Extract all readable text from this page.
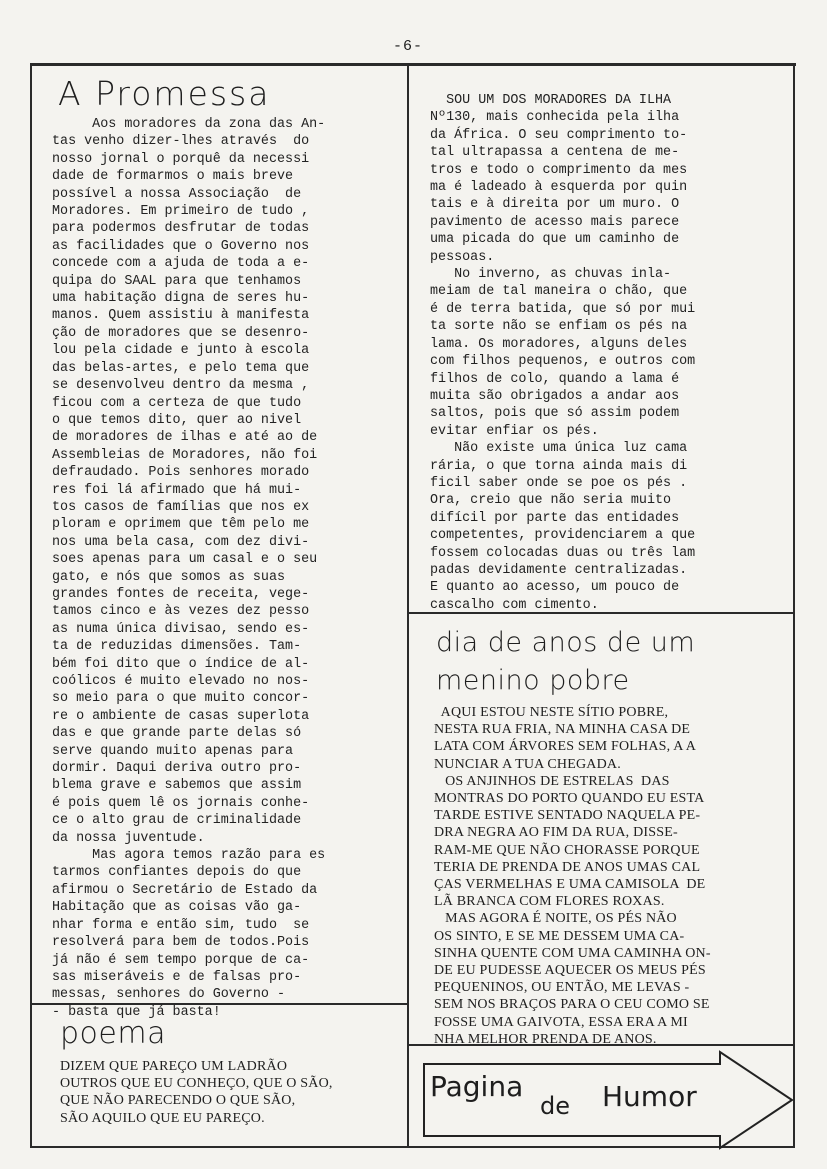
-6-
A Promessa
Aos moradores da zona das An-
tas venho dizer-lhes através  do
nosso jornal o porquê da necessi
dade de formarmos o mais breve
possível a nossa Associação  de
Moradores. Em primeiro de tudo ,
para podermos desfrutar de todas
as facilidades que o Governo nos
concede com a ajuda de toda a e-
quipa do SAAL para que tenhamos
uma habitação digna de seres hu-
manos. Quem assistiu à manifesta
ção de moradores que se desenro-
lou pela cidade e junto à escola
das belas-artes, e pelo tema que
se desenvolveu dentro da mesma ,
ficou com a certeza de que tudo
o que temos dito, quer ao nivel
de moradores de ilhas e até ao de
Assembleias de Moradores, não foi
defraudado. Pois senhores morado
res foi lá afirmado que há mui-
tos casos de famílias que nos ex
ploram e oprimem que têm pelo me
nos uma bela casa, com dez divi-
soes apenas para um casal e o seu
gato, e nós que somos as suas
grandes fontes de receita, vege-
tamos cinco e às vezes dez pesso
as numa única divisao, sendo es-
ta de reduzidas dimensões. Tam-
bém foi dito que o índice de al-
coólicos é muito elevado no nos-
so meio para o que muito concor-
re o ambiente de casas superlota
das e que grande parte delas só
serve quando muito apenas para
dormir. Daqui deriva outro pro-
blema grave e sabemos que assim
é pois quem lê os jornais conhe-
ce o alto grau de criminalidade
da nossa juventude.
Mas agora temos razão para es
tarmos confiantes depois do que
afirmou o Secretário de Estado da
Habitação que as coisas vão ga-
nhar forma e então sim, tudo  se
resolverá para bem de todos.Pois
já não é sem tempo porque de ca-
sas miseráveis e de falsas pro-
messas, senhores do Governo -
- basta que já basta!
SOU UM DOS MORADORES DA ILHA
Nº130, mais conhecida pela ilha
da África. O seu comprimento to-
tal ultrapassa a centena de me-
tros e todo o comprimento da mes
ma é ladeado à esquerda por quin
tais e à direita por um muro. O
pavimento de acesso mais parece
uma picada do que um caminho de
pessoas.
No inverno, as chuvas inla-
meiam de tal maneira o chão, que
é de terra batida, que só por mui
ta sorte não se enfiam os pés na
lama. Os moradores, alguns deles
com filhos pequenos, e outros com
filhos de colo, quando a lama é
muita são obrigados a andar aos
saltos, pois que só assim podem
evitar enfiar os pés.
Não existe uma única luz cama
rária, o que torna ainda mais di
ficil saber onde se poe os pés .
Ora, creio que não seria muito
difícil por parte das entidades
competentes, providenciarem a que
fossem colocadas duas ou três lam
padas devidamente centralizadas.
E quanto ao acesso, um pouco de
cascalho com cimento.
dia de anos de um
menino pobre
AQUI ESTOU NESTE SÍTIO POBRE,
NESTA RUA FRIA, NA MINHA CASA DE
LATA COM ÁRVORES SEM FOLHAS, A A
NUNCIAR A TUA CHEGADA.
OS ANJINHOS DE ESTRELAS  DAS
MONTRAS DO PORTO QUANDO EU ESTA
TARDE ESTIVE SENTADO NAQUELA PE-
DRA NEGRA AO FIM DA RUA, DISSE-
RAM-ME QUE NÃO CHORASSE PORQUE
TERIA DE PRENDA DE ANOS UMAS CAL
ÇAS VERMELHAS E UMA CAMISOLA  DE
LÃ BRANCA COM FLORES ROXAS.
MAS AGORA É NOITE, OS PÉS NÃO
OS SINTO, E SE ME DESSEM UMA CA-
SINHA QUENTE COM UMA CAMINHA ON-
DE EU PUDESSE AQUECER OS MEUS PÉS
PEQUENINOS, OU ENTÃO, ME LEVAS -
SEM NOS BRAÇOS PARA O CEU COMO SE
FOSSE UMA GAIVOTA, ESSA ERA A MI
NHA MELHOR PRENDA DE ANOS.
poema
DIZEM QUE PAREÇO UM LADRÃO
OUTROS QUE EU CONHEÇO, QUE O SÃO,
QUE NÃO PARECENDO O QUE SÃO,
SÃO AQUILO QUE EU PAREÇO.
Pagina
de Humor
